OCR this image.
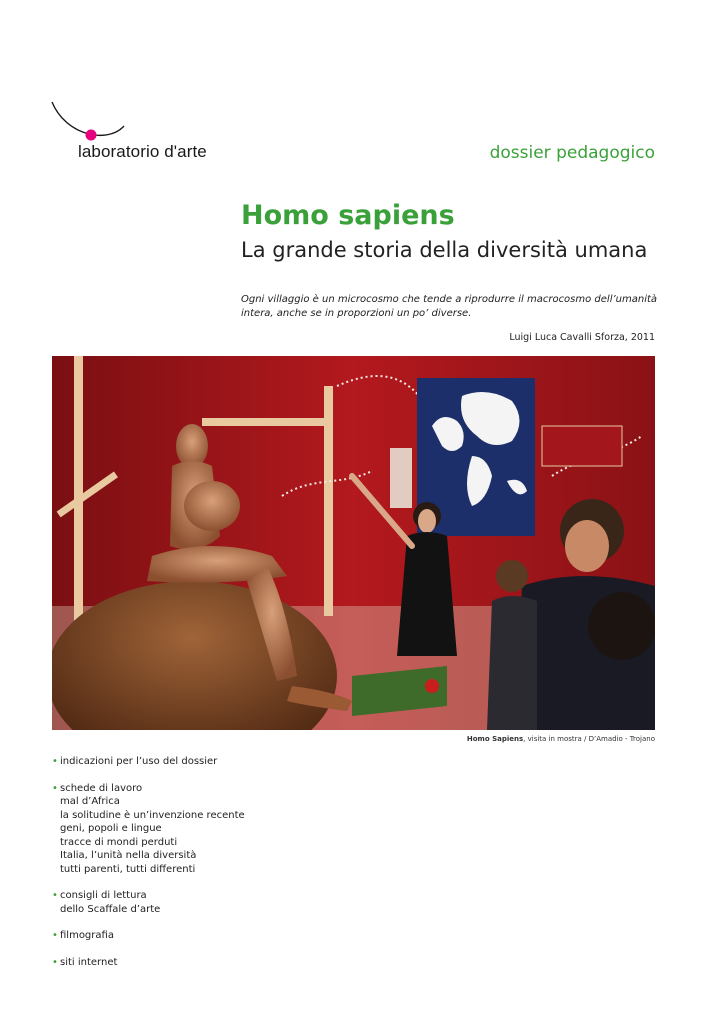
laboratorio d'arte	dossier pedagogico
Homo sapiens
La grande storia della diversità umana
Ogni villaggio è un microcosmo che tende a riprodurre il macrocosmo dell’umanità intera, anche se in proporzioni un po’ diverse.
Luigi Luca Cavalli Sforza, 2011
Homo Sapiens, visita in mostra / D’Amadio - Trojano
• indicazioni per l’uso del dossier
• schede di lavoro
mal d’Africa
la solitudine è un’invenzione recente
geni, popoli e lingue
tracce di mondi perduti
Italia, l’unità nella diversità
tutti parenti, tutti differenti
• consigli di lettura
dello Scaffale d’arte
• filmografia
• siti internet
